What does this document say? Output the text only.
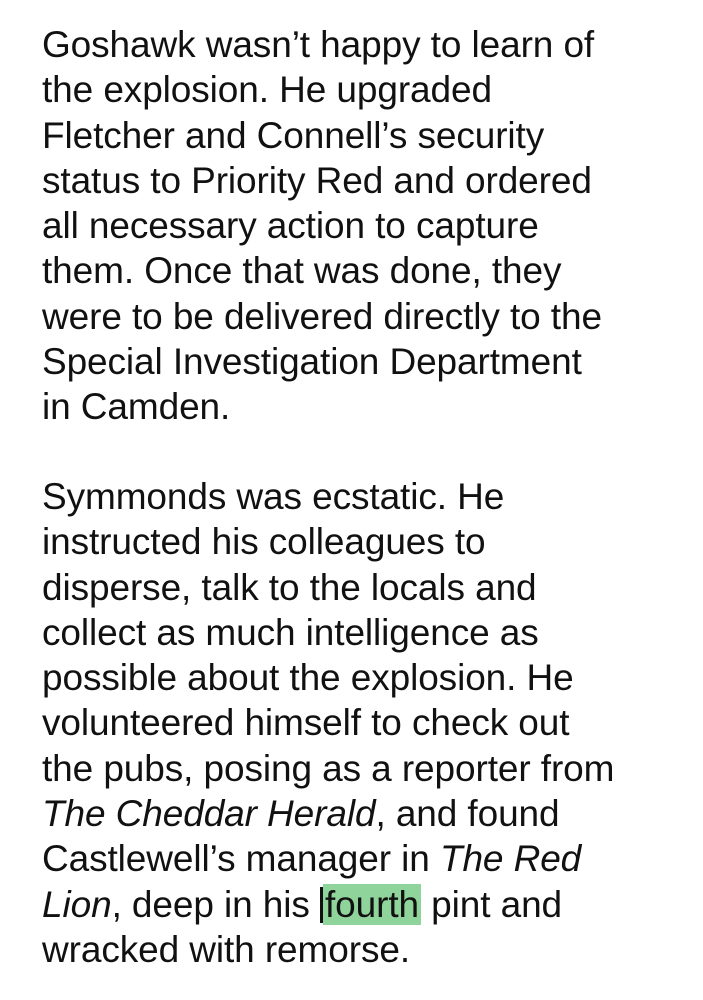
Goshawk wasn’t happy to learn of
the explosion. He upgraded
Fletcher and Connell’s security
status to Priority Red and ordered
all necessary action to capture
them. Once that was done, they
were to be delivered directly to the
Special Investigation Department
in Camden.

Symmonds was ecstatic. He
instructed his colleagues to
disperse, talk to the locals and
collect as much intelligence as
possible about the explosion. He
volunteered himself to check out
the pubs, posing as a reporter from
The Cheddar Herald, and found
Castlewell’s manager in The Red
Lion, deep in his fourth pint and
wracked with remorse.
